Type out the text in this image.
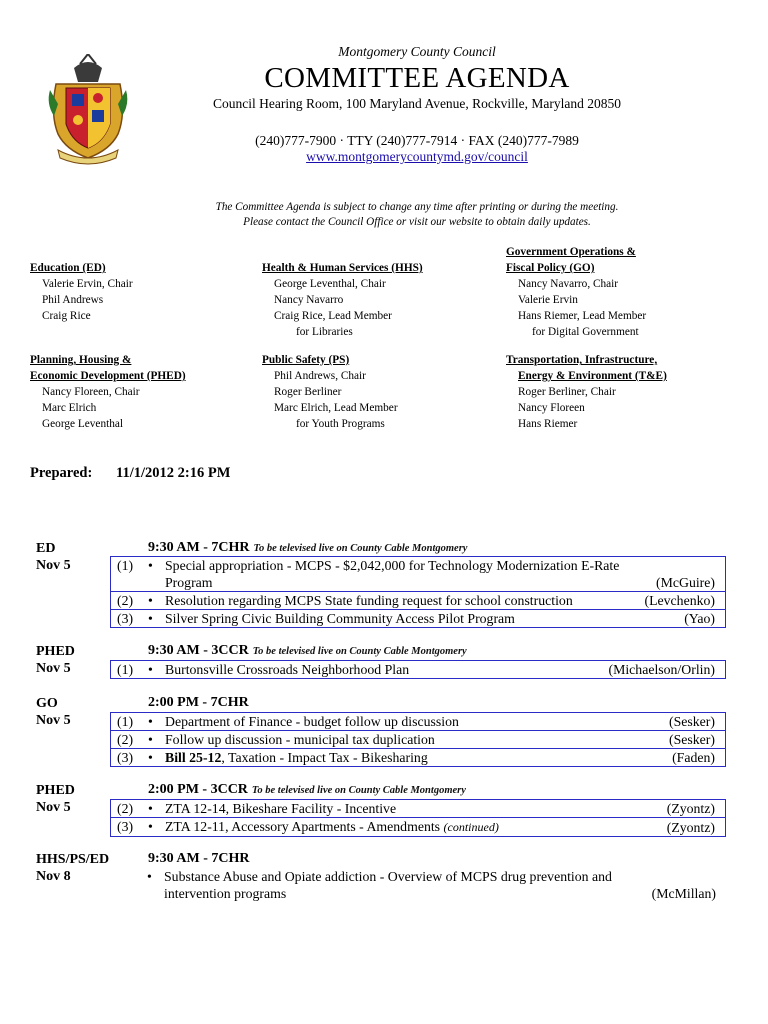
Montgomery County Council
COMMITTEE AGENDA
Council Hearing Room, 100 Maryland Avenue, Rockville, Maryland 20850
(240)777-7900 · TTY (240)777-7914 · FAX (240)777-7989
www.montgomerycountymd.gov/council
The Committee Agenda is subject to change any time after printing or during the meeting.
Please contact the Council Office or visit our website to obtain daily updates.
Education (ED)
Valerie Ervin, Chair
Phil Andrews
Craig Rice
Health & Human Services (HHS)
George Leventhal, Chair
Nancy Navarro
Craig Rice, Lead Member
for Libraries
Government Operations &
Fiscal Policy (GO)
Nancy Navarro, Chair
Valerie Ervin
Hans Riemer, Lead Member
for Digital Government
Planning, Housing &
Economic Development (PHED)
Nancy Floreen, Chair
Marc Elrich
George Leventhal
Public Safety (PS)
Phil Andrews, Chair
Roger Berliner
Marc Elrich, Lead Member
for Youth Programs
Transportation, Infrastructure,
Energy & Environment (T&E)
Roger Berliner, Chair
Nancy Floreen
Hans Riemer
Prepared: 11/1/2012 2:16 PM
ED
Nov 5
9:30 AM - 7CHR To be televised live on County Cable Montgomery
(1) • Special appropriation - MCPS - $2,042,000 for Technology Modernization E-Rate
Program	(McGuire)
(2) • Resolution regarding MCPS State funding request for school construction	(Levchenko)
(3) • Silver Spring Civic Building Community Access Pilot Program	(Yao)
PHED
Nov 5
9:30 AM - 3CCR To be televised live on County Cable Montgomery
(1) • Burtonsville Crossroads Neighborhood Plan	(Michaelson/Orlin)
GO
Nov 5
2:00 PM - 7CHR
(1) • Department of Finance - budget follow up discussion	(Sesker)
(2) • Follow up discussion - municipal tax duplication	(Sesker)
(3) • Bill 25-12, Taxation - Impact Tax - Bikesharing	(Faden)
PHED
Nov 5
2:00 PM - 3CCR To be televised live on County Cable Montgomery
(2) • ZTA 12-14, Bikeshare Facility - Incentive	(Zyontz)
(3) • ZTA 12-11, Accessory Apartments - Amendments (continued)	(Zyontz)
HHS/PS/ED
Nov 8
9:30 AM - 7CHR
• Substance Abuse and Opiate addiction - Overview of MCPS drug prevention and
intervention programs	(McMillan)
